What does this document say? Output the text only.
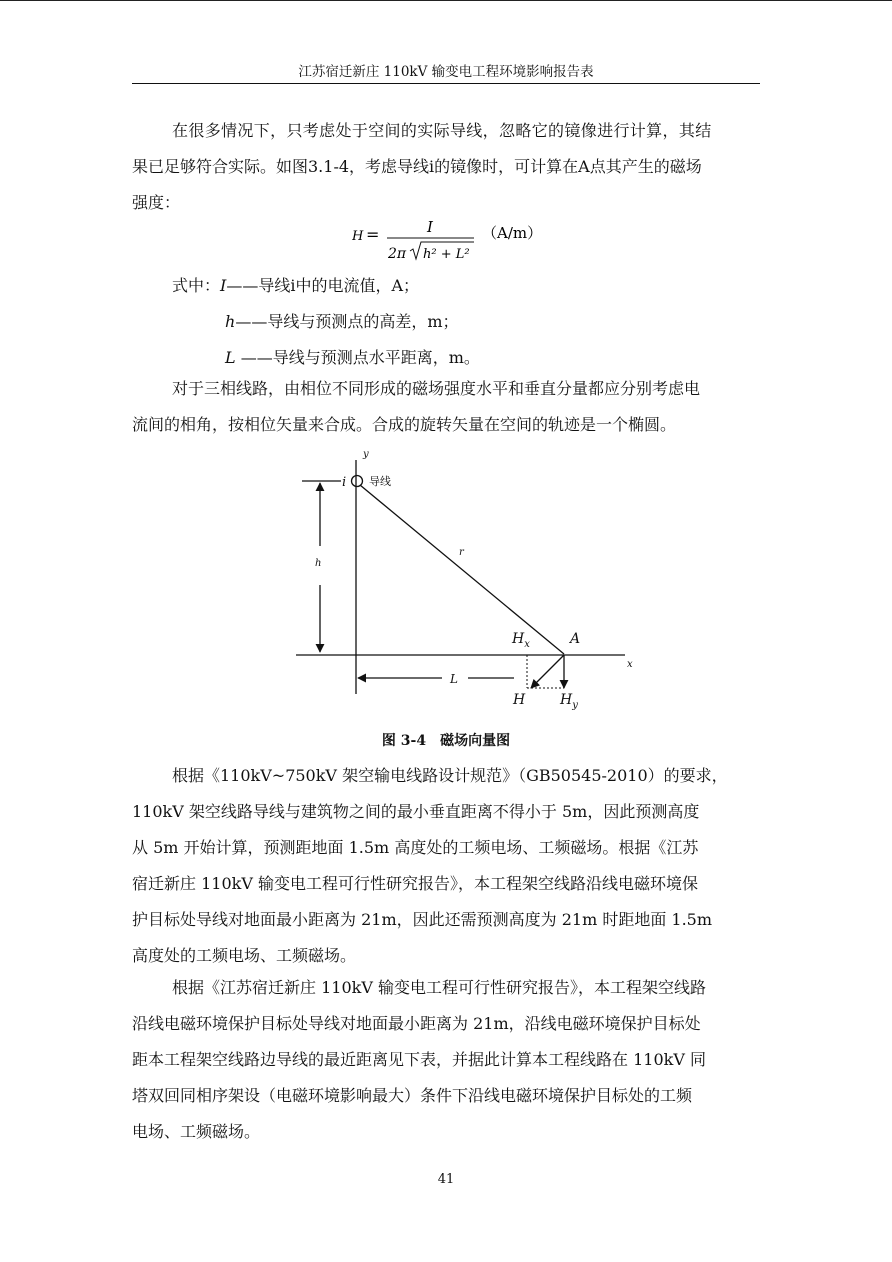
江苏宿迁新庄 110kV 输变电工程环境影响报告表
在很多情况下，只考虑处于空间的实际导线，忽略它的镜像进行计算，其结
果已足够符合实际。如图3.1-4，考虑导线i的镜像时，可计算在A点其产生的磁场
强度：
H =	I
2π h² + L²
（A/m）
式中：I——导线i中的电流值，A；
h——导线与预测点的高差，m；
L ——导线与预测点水平距离，m。
对于三相线路，由相位不同形成的磁场强度水平和垂直分量都应分别考虑电
流间的相角，按相位矢量来合成。合成的旋转矢量在空间的轨迹是一个椭圆。
y
x
i
h
r
$H_x$	A
L
H $H_y$
导线
图 3-4　磁场向量图
根据《110kV~750kV 架空输电线路设计规范》（GB50545-2010）的要求，
110kV 架空线路导线与建筑物之间的最小垂直距离不得小于 5m，因此预测高度
从 5m 开始计算，预测距地面 1.5m 高度处的工频电场、工频磁场。根据《江苏
宿迁新庄 110kV 输变电工程可行性研究报告》，本工程架空线路沿线电磁环境保
护目标处导线对地面最小距离为 21m，因此还需预测高度为 21m 时距地面 1.5m
高度处的工频电场、工频磁场。
根据《江苏宿迁新庄 110kV 输变电工程可行性研究报告》，本工程架空线路
沿线电磁环境保护目标处导线对地面最小距离为 21m，沿线电磁环境保护目标处
距本工程架空线路边导线的最近距离见下表，并据此计算本工程线路在 110kV 同
塔双回同相序架设（电磁环境影响最大）条件下沿线电磁环境保护目标处的工频
电场、工频磁场。
41
